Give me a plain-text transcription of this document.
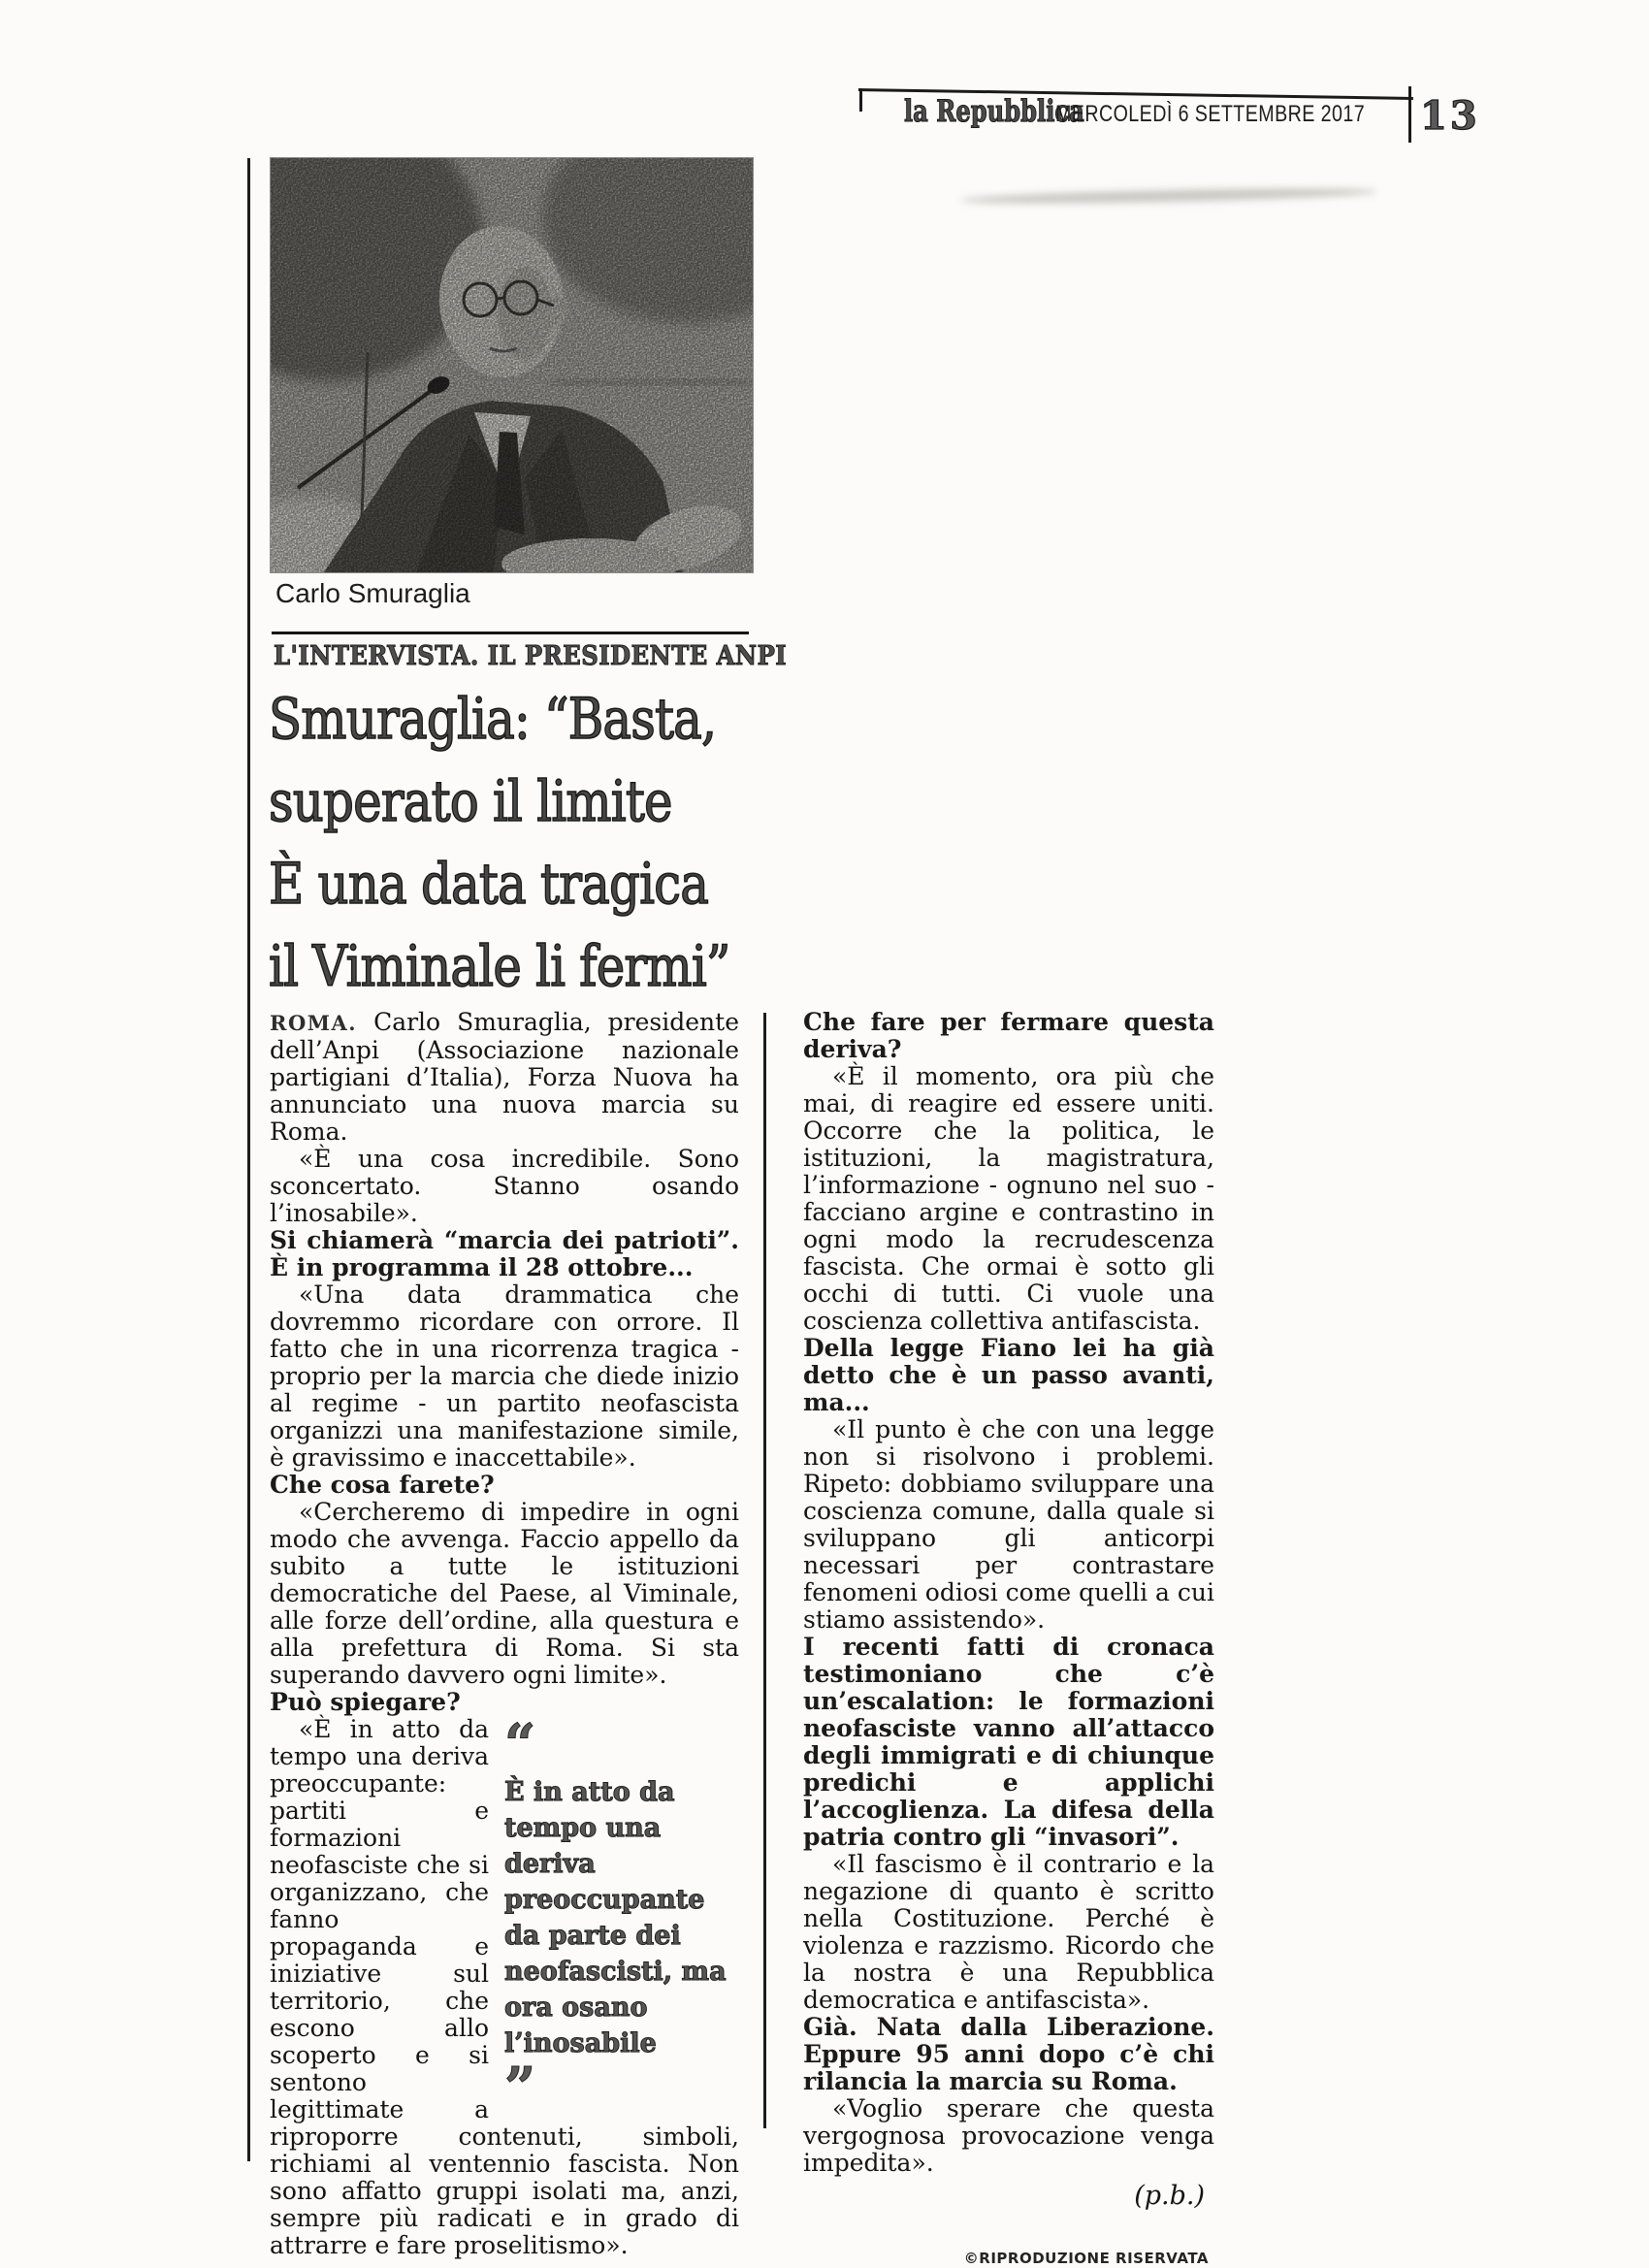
la Repubblica
MERCOLEDÌ 6 SETTEMBRE 2017 13
Carlo Smuraglia
L'INTERVISTA. IL PRESIDENTE ANPI
Smuraglia: “Basta,
superato il limite
È una data tragica
il Viminale li fermi”

ROMA. Carlo Smuraglia, presidente dell’Anpi (Associazione nazionale partigiani d’Italia), Forza Nuova ha annunciato una nuova marcia su Roma.

«È una cosa incredibile. Sono sconcertato. Stanno osando l’inosabile».

Si chiamerà “marcia dei patrioti”. È in programma il 28 ottobre...

«Una data drammatica che dovremmo ricordare con orrore. Il fatto che in una ricorrenza tragica - proprio per la marcia che diede inizio al regime - un partito neofascista organizzi una manifestazione simile, è gravissimo e inaccettabile».

Che cosa farete?

«Cercheremo di impedire in ogni modo che avvenga. Faccio appello da subito a tutte le istituzioni democratiche del Paese, al Viminale, alle forze dell’ordine, alla questura e alla prefettura di Roma. Si sta superando davvero ogni limite».

Può spiegare?

“
È in atto da tempo una deriva preoccupante da parte dei neofascisti, ma ora osano l’inosabile
”

«È in atto da tempo una deriva preoccupante: partiti e formazioni neofasciste che si organizzano, che fanno propaganda e iniziative sul territorio, che escono allo scoperto e si sentono legittimate a riproporre contenuti, simboli, richiami al ventennio fascista. Non sono affatto gruppi isolati ma, anzi, sempre più radicati e in grado di attrarre e fare proselitismo».

Che fare per fermare questa deriva?

«È il momento, ora più che mai, di reagire ed essere uniti. Occorre che la politica, le istituzioni, la magistratura, l’informazione - ognuno nel suo - facciano argine e contrastino in ogni modo la recrudescenza fascista. Che ormai è sotto gli occhi di tutti. Ci vuole una coscienza collettiva antifascista.

Della legge Fiano lei ha già detto che è un passo avanti, ma...

«Il punto è che con una legge non si risolvono i problemi. Ripeto: dobbiamo sviluppare una coscienza comune, dalla quale si sviluppano gli anticorpi necessari per contrastare fenomeni odiosi come quelli a cui stiamo assistendo».

I recenti fatti di cronaca testimoniano che c’è un’escalation: le formazioni neofasciste vanno all’attacco degli immigrati e di chiunque predichi e applichi l’accoglienza. La difesa della patria contro gli “invasori”.

«Il fascismo è il contrario e la negazione di quanto è scritto nella Costituzione. Perché è violenza e razzismo. Ricordo che la nostra è una Repubblica democratica e antifascista».

Già. Nata dalla Liberazione. Eppure 95 anni dopo c’è chi rilancia la marcia su Roma.

«Voglio sperare che questa vergognosa provocazione venga impedita».

(p.b.)

©RIPRODUZIONE RISERVATA
